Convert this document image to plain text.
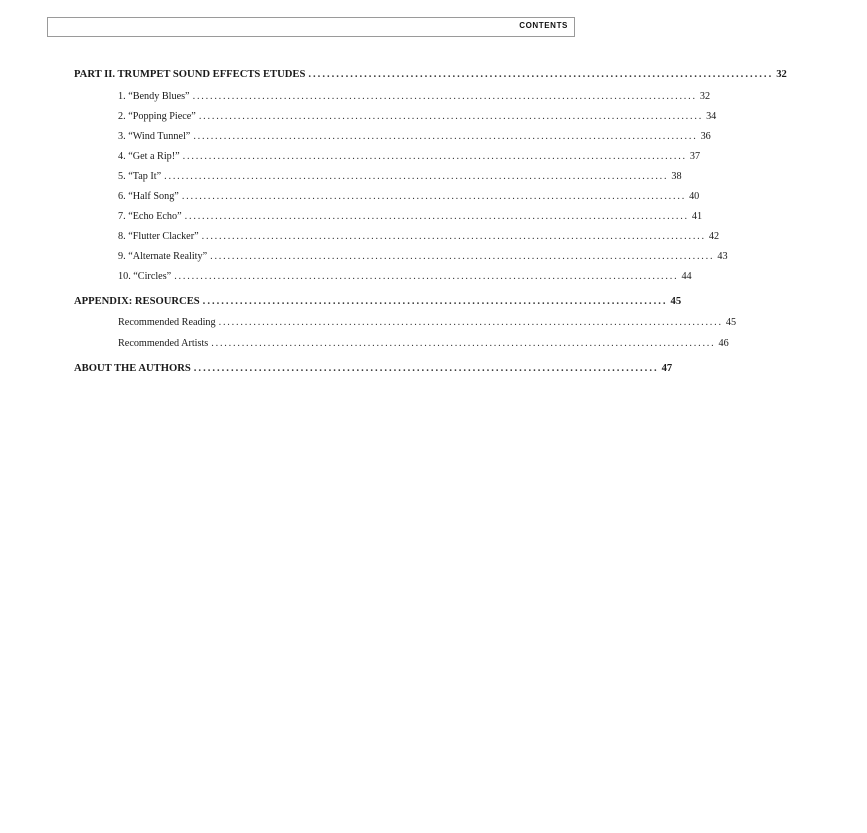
CONTENTS
PART II. TRUMPET SOUND EFFECTS ETUDES .................................................................................................... 32
1. “Bendy Blues” .................................................................................................................... 32
2. “Popping Piece” .................................................................................................................... 34
3. “Wind Tunnel” .................................................................................................................... 36
4. “Get a Rip!” .................................................................................................................... 37
5. “Tap It” .................................................................................................................... 38
6. “Half Song” .................................................................................................................... 40
7. “Echo Echo” .................................................................................................................... 41
8. “Flutter Clacker” .................................................................................................................... 42
9. “Alternate Reality” .................................................................................................................... 43
10. “Circles” .................................................................................................................... 44
APPENDIX: RESOURCES .................................................................................................... 45
Recommended Reading .................................................................................................................... 45
Recommended Artists .................................................................................................................... 46
ABOUT THE AUTHORS .................................................................................................... 47
